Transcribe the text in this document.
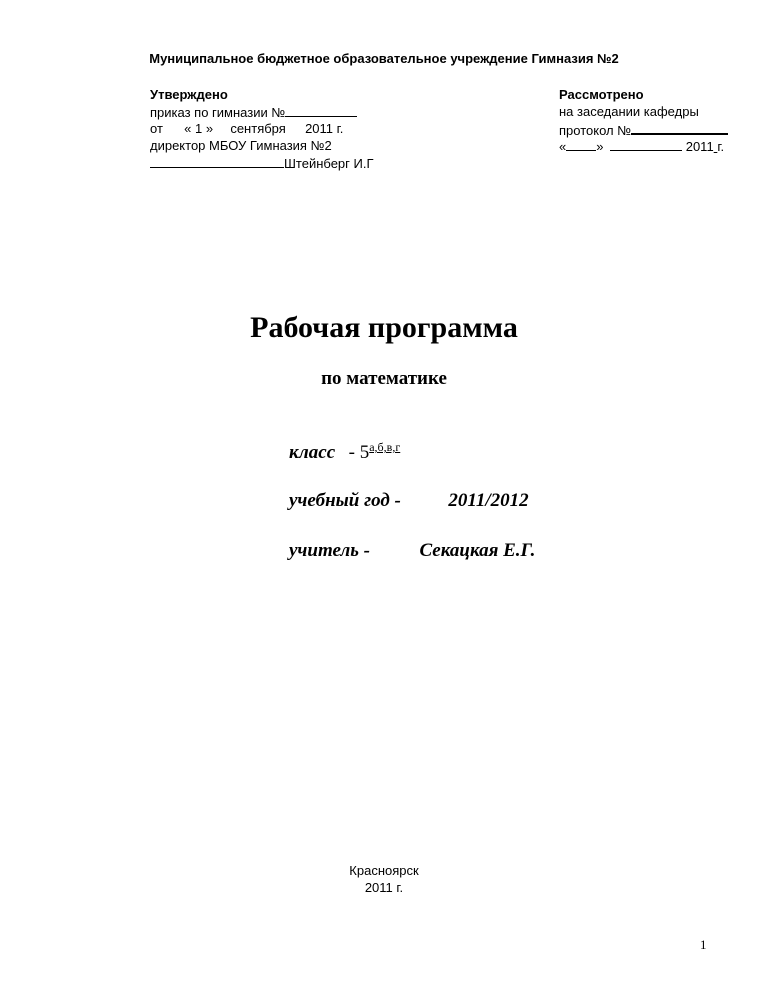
Муниципальное бюджетное образовательное учреждение Гимназия №2
Утверждено
приказ по гимназии №
от « 1 » сентября 2011 г.
директор МБОУ Гимназия №2
Штейнберг И.Г
Рассмотрено
на заседании кафедры
протокол №
« »	2011 г.
Рабочая программа
по математике
класс - $5^{а,б,в,г}$
учебный год -	2011/2012
учитель -	Секацкая Е.Г.
Красноярск
2011 г.
1
